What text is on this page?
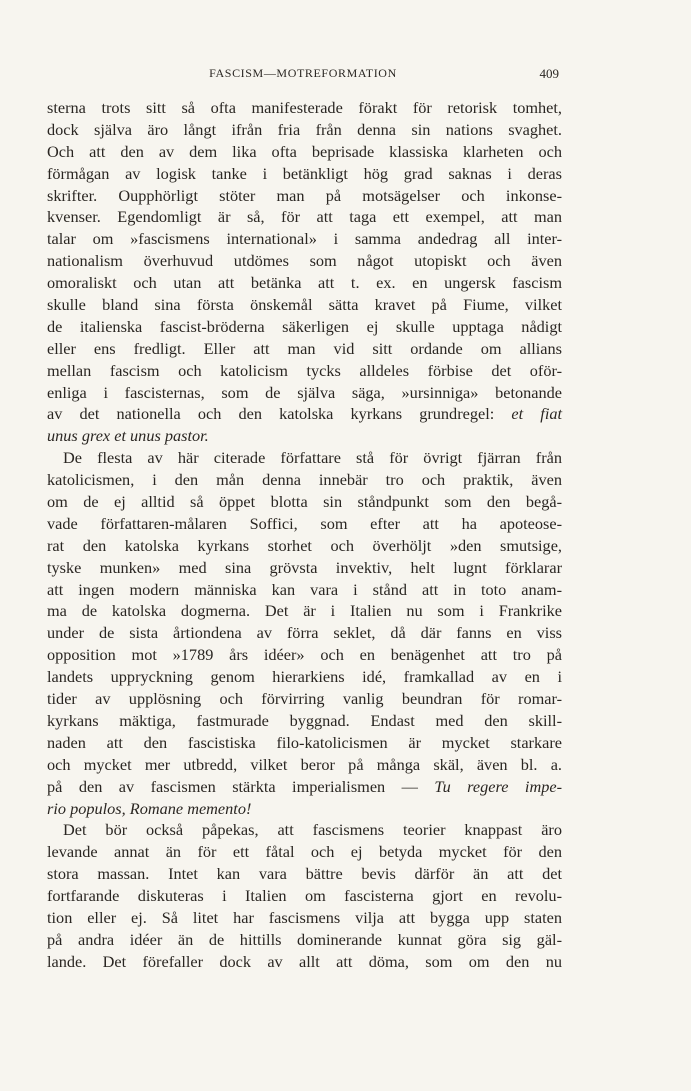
FASCISM—MOTREFORMATION	409
sterna trots sitt så ofta manifesterade förakt för retorisk tomhet,
dock själva äro långt ifrån fria från denna sin nations svaghet.
Och att den av dem lika ofta beprisade klassiska klarheten och
förmågan av logisk tanke i betänkligt hög grad saknas i deras
skrifter. Oupphörligt stöter man på motsägelser och inkonse-
kvenser. Egendomligt är så, för att taga ett exempel, att man
talar om »fascismens international» i samma andedrag all inter-
nationalism överhuvud utdömes som något utopiskt och även
omoraliskt och utan att betänka att t. ex. en ungersk fascism
skulle bland sina första önskemål sätta kravet på Fiume, vilket
de italienska fascist-bröderna säkerligen ej skulle upptaga nådigt
eller ens fredligt. Eller att man vid sitt ordande om allians
mellan fascism och katolicism tycks alldeles förbise det oför-
enliga i fascisternas, som de själva säga, »ursinniga» betonande
av det nationella och den katolska kyrkans grundregel: et fiat
unus grex et unus pastor.
De flesta av här citerade författare stå för övrigt fjärran från
katolicismen, i den mån denna innebär tro och praktik, även
om de ej alltid så öppet blotta sin ståndpunkt som den begå-
vade författaren-målaren Soffici, som efter att ha apoteose-
rat den katolska kyrkans storhet och överhöljt »den smutsige,
tyske munken» med sina grövsta invektiv, helt lugnt förklarar
att ingen modern människa kan vara i stånd att in toto anam-
ma de katolska dogmerna. Det är i Italien nu som i Frankrike
under de sista årtiondena av förra seklet, då där fanns en viss
opposition mot »1789 års idéer» och en benägenhet att tro på
landets uppryckning genom hierarkiens idé, framkallad av en i
tider av upplösning och förvirring vanlig beundran för romar-
kyrkans mäktiga, fastmurade byggnad. Endast med den skill-
naden att den fascistiska filo-katolicismen är mycket starkare
och mycket mer utbredd, vilket beror på många skäl, även bl. a.
på den av fascismen stärkta imperialismen — Tu regere impe-
rio populos, Romane memento!
Det bör också påpekas, att fascismens teorier knappast äro
levande annat än för ett fåtal och ej betyda mycket för den
stora massan. Intet kan vara bättre bevis därför än att det
fortfarande diskuteras i Italien om fascisterna gjort en revolu-
tion eller ej. Så litet har fascismens vilja att bygga upp staten
på andra idéer än de hittills dominerande kunnat göra sig gäl-
lande. Det förefaller dock av allt att döma, som om den nu
